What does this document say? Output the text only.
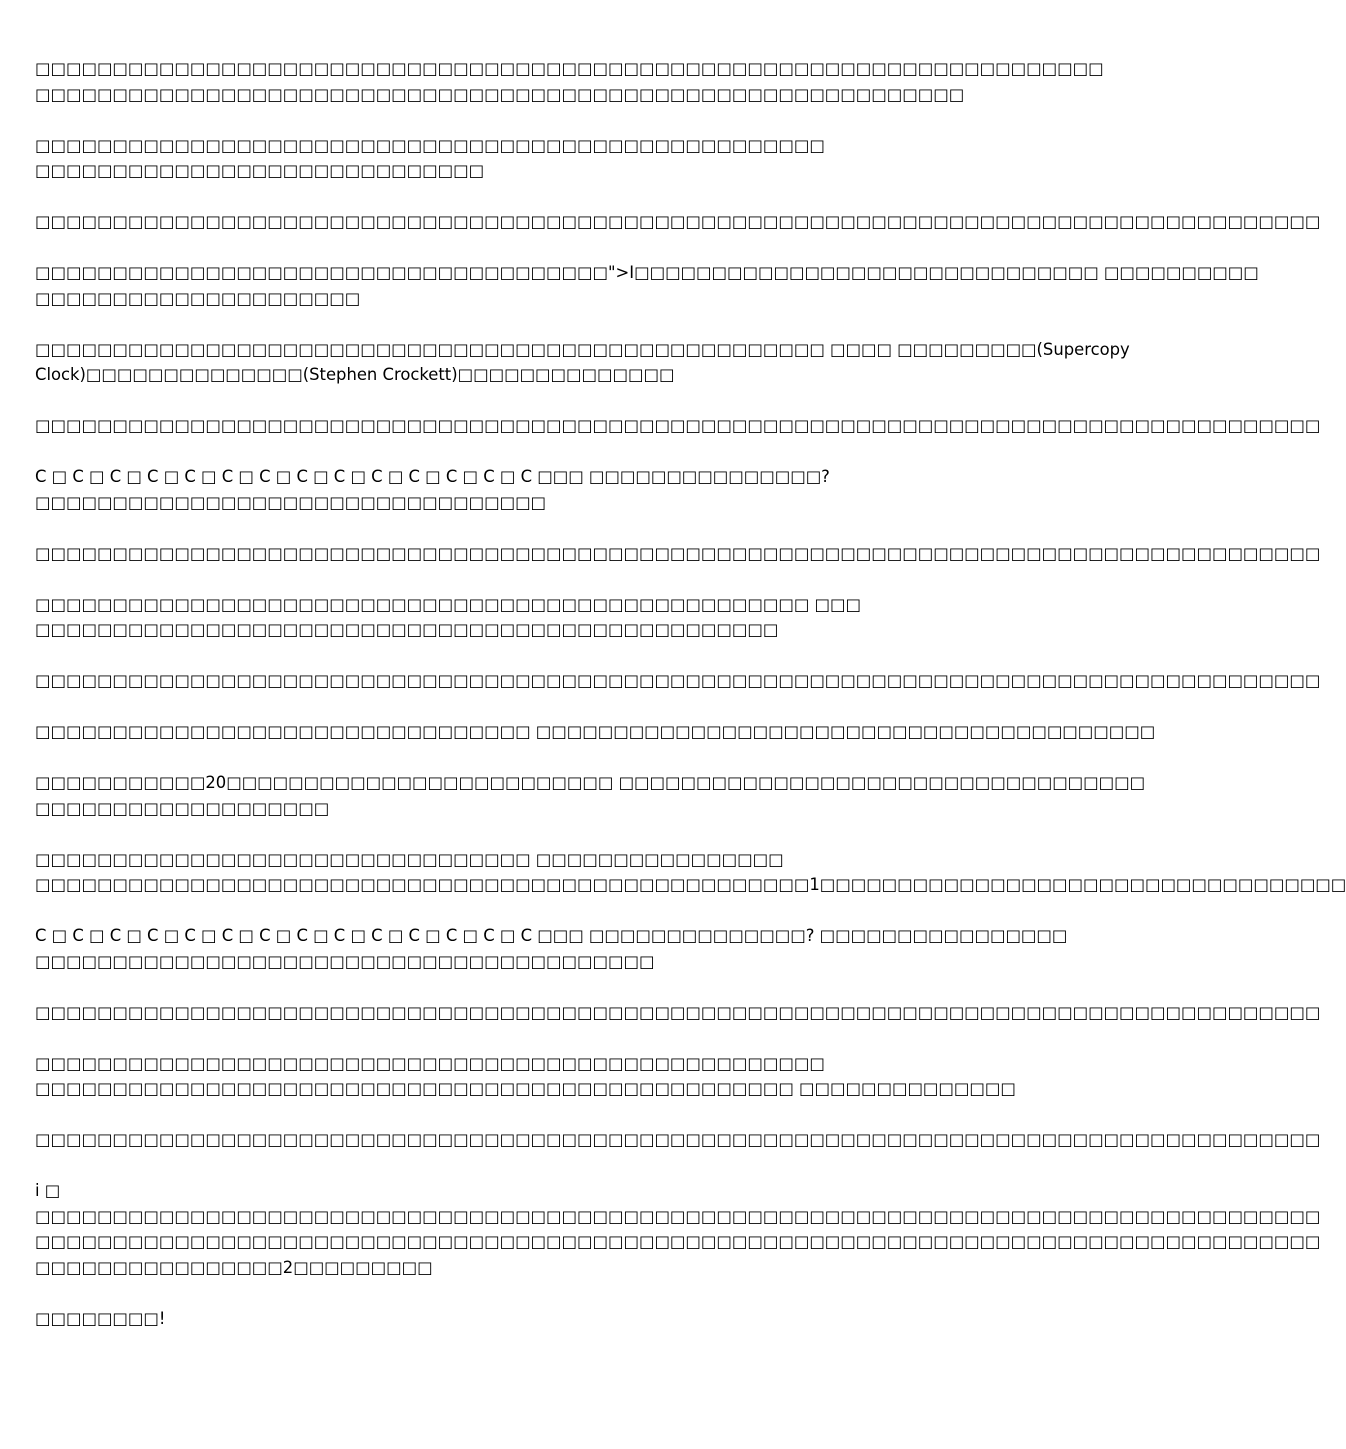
□□□□□□□□□□□□□□□□□□□□□□□□□□□□□□□□□□□□□□□□□□□□□□□□□□□□□□□□□□□□□□□□□□□□□
□□□□□□□□□□□□□□□□□□□□□□□□□□□□□□□□□□□□□□□□□□□□□□□□□□□□□□□□□□□□
□□□□□□□□□□□□□□□□□□□□□□□□□□□□□□□□□□□□□□□□□□□□□□□□□□□
□□□□□□□□□□□□□□□□□□□□□□□□□□□□□
□□□□□□□□□□□□□□□□□□□□□□□□□□□□□□□□□□□□□□□□□□□□□□□□□□□□□□□□□□□□□□□□□□□□□□□□□□□□□□□□□□□
□□□□□□□□□□□□□□□□□□□□□□□□□□□□□□□□□□□□□">I□□□□□□□□□□□□□□□□□□□□□□□□□□□□□□ □□□□□□□□□□
□□□□□□□□□□□□□□□□□□□□□
□□□□□□□□□□□□□□□□□□□□□□□□□□□□□□□□□□□□□□□□□□□□□□□□□□□ □□□□ □□□□□□□□□(Supercopy
Clock)□□□□□□□□□□□□□□(Stephen Crockett)□□□□□□□□□□□□□□
□□□□□□□□□□□□□□□□□□□□□□□□□□□□□□□□□□□□□□□□□□□□□□□□□□□□□□□□□□□□□□□□□□□□□□□□□□□□□□□□□□□
C □ C □ C □ C □ C □ C □ C □ C □ C □ C □ C □ C □ C □ C □□□ □□□□□□□□□□□□□□□?
□□□□□□□□□□□□□□□□□□□□□□□□□□□□□□□□□
□□□□□□□□□□□□□□□□□□□□□□□□□□□□□□□□□□□□□□□□□□□□□□□□□□□□□□□□□□□□□□□□□□□□□□□□□□□□□□□□□□□
□□□□□□□□□□□□□□□□□□□□□□□□□□□□□□□□□□□□□□□□□□□□□□□□□□ □□□
□□□□□□□□□□□□□□□□□□□□□□□□□□□□□□□□□□□□□□□□□□□□□□□□
□□□□□□□□□□□□□□□□□□□□□□□□□□□□□□□□□□□□□□□□□□□□□□□□□□□□□□□□□□□□□□□□□□□□□□□□□□□□□□□□□□□
□□□□□□□□□□□□□□□□□□□□□□□□□□□□□□□□ □□□□□□□□□□□□□□□□□□□□□□□□□□□□□□□□□□□□□□□□
□□□□□□□□□□□20□□□□□□□□□□□□□□□□□□□□□□□□□ □□□□□□□□□□□□□□□□□□□□□□□□□□□□□□□□□□
□□□□□□□□□□□□□□□□□□□
□□□□□□□□□□□□□□□□□□□□□□□□□□□□□□□□ □□□□□□□□□□□□□□□□
□□□□□□□□□□□□□□□□□□□□□□□□□□□□□□□□□□□□□□□□□□□□□□□□□□1□□□□□□□□□□□□□□□□□□□□□□□□□□□□□□□□□□
C □ C □ C □ C □ C □ C □ C □ C □ C □ C □ C □ C □ C □ C □□□ □□□□□□□□□□□□□□? □□□□□□□□□□□□□□□□
□□□□□□□□□□□□□□□□□□□□□□□□□□□□□□□□□□□□□□□□
□□□□□□□□□□□□□□□□□□□□□□□□□□□□□□□□□□□□□□□□□□□□□□□□□□□□□□□□□□□□□□□□□□□□□□□□□□□□□□□□□□□
□□□□□□□□□□□□□□□□□□□□□□□□□□□□□□□□□□□□□□□□□□□□□□□□□□□
□□□□□□□□□□□□□□□□□□□□□□□□□□□□□□□□□□□□□□□□□□□□□□□□□ □□□□□□□□□□□□□□
□□□□□□□□□□□□□□□□□□□□□□□□□□□□□□□□□□□□□□□□□□□□□□□□□□□□□□□□□□□□□□□□□□□□□□□□□□□□□□□□□□□
i □
□□□□□□□□□□□□□□□□□□□□□□□□□□□□□□□□□□□□□□□□□□□□□□□□□□□□□□□□□□□□□□□□□□□□□□□□□□□□□□□□□□□
□□□□□□□□□□□□□□□□□□□□□□□□□□□□□□□□□□□□□□□□□□□□□□□□□□□□□□□□□□□□□□□□□□□□□□□□□□□□□□□□□□□
□□□□□□□□□□□□□□□□2□□□□□□□□□
□□□□□□□□!
